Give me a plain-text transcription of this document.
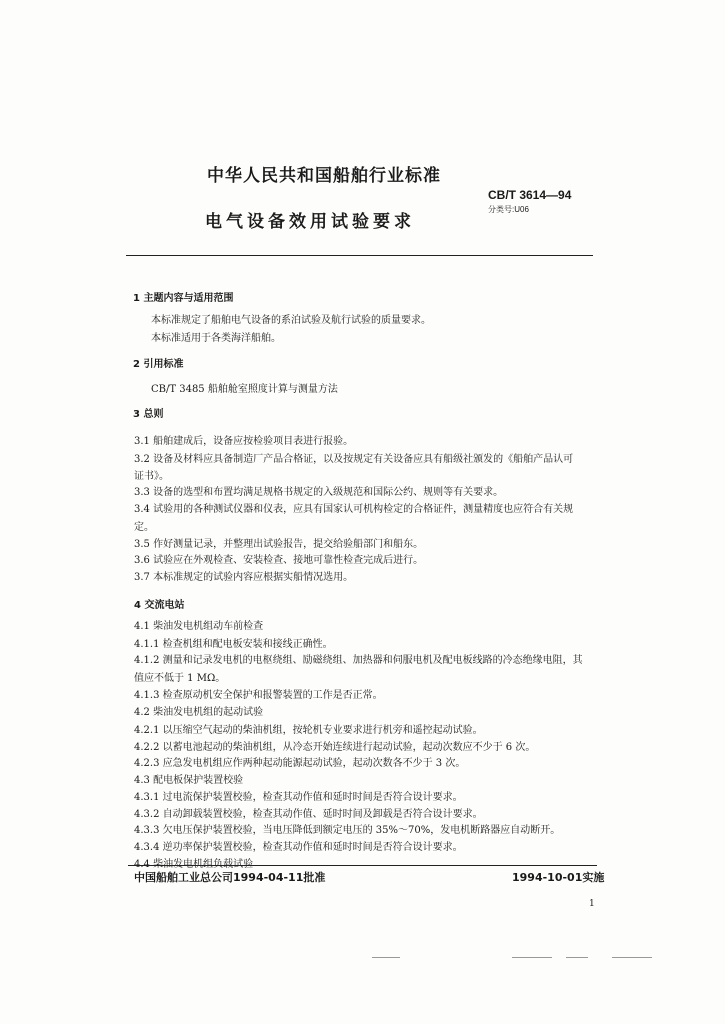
中华人民共和国船舶行业标准
CB/T 3614—94
分类号:U06
电气设备效用试验要求
1 主题内容与适用范围
本标准规定了船舶电气设备的系泊试验及航行试验的质量要求。
本标准适用于各类海洋船舶。
2 引用标准
CB/T 3485 船舶舱室照度计算与测量方法
3 总则
3.1 船舶建成后，设备应按检验项目表进行报验。
3.2 设备及材料应具备制造厂产品合格证，以及按规定有关设备应具有船级社颁发的《船舶产品认可
证书》。
3.3 设备的选型和布置均满足规格书规定的入级规范和国际公约、规则等有关要求。
3.4 试验用的各种测试仪器和仪表，应具有国家认可机构检定的合格证件，测量精度也应符合有关规
定。
3.5 作好测量记录，并整理出试验报告，提交给验船部门和船东。
3.6 试验应在外观检查、安装检查、接地可靠性检查完成后进行。
3.7 本标准规定的试验内容应根据实船情况选用。
4 交流电站
4.1 柴油发电机组动车前检查
4.1.1 检查机组和配电板安装和接线正确性。
4.1.2 测量和记录发电机的电枢绕组、励磁绕组、加热器和伺服电机及配电板线路的冷态绝缘电阻，其
值应不低于 1 MΩ。
4.1.3 检查原动机安全保护和报警装置的工作是否正常。
4.2 柴油发电机组的起动试验
4.2.1 以压缩空气起动的柴油机组，按轮机专业要求进行机旁和遥控起动试验。
4.2.2 以蓄电池起动的柴油机组，从冷态开始连续进行起动试验，起动次数应不少于 6 次。
4.2.3 应急发电机组应作两种起动能源起动试验，起动次数各不少于 3 次。
4.3 配电板保护装置校验
4.3.1 过电流保护装置校验，检查其动作值和延时时间是否符合设计要求。
4.3.2 自动卸载装置校验，检查其动作值、延时时间及卸载是否符合设计要求。
4.3.3 欠电压保护装置校验，当电压降低到额定电压的 35%～70%，发电机断路器应自动断开。
4.3.4 逆功率保护装置校验，检查其动作值和延时时间是否符合设计要求。
4.4 柴油发电机组负载试验
中国船舶工业总公司1994-04-11批准	1994-10-01实施
1
